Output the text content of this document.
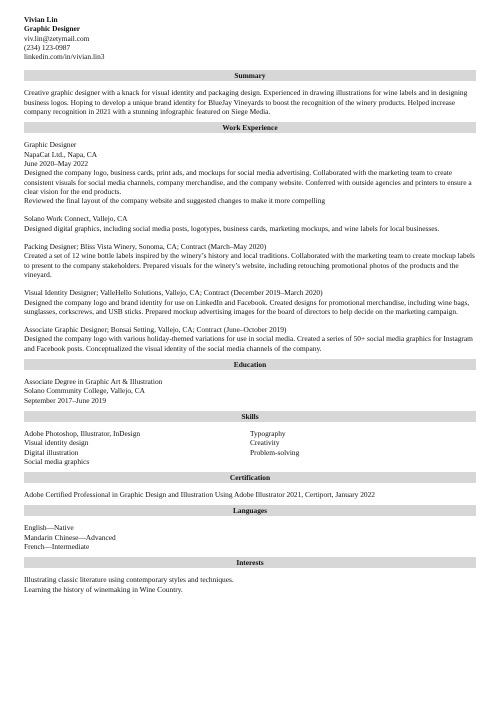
Vivian Lin
Graphic Designer
viv.lin@zetymail.com
(234) 123-0987
linkedin.com/in/vivian.lin3
Summary

Creative graphic designer with a knack for visual identity and packaging design. Experienced in drawing illustrations for wine labels and in designing business logos. Hoping to develop a unique brand identity for BlueJay Vineyards to boost the recognition of the winery products. Helped increase company recognition in 2021 with a stunning infographic featured on Siege Media.

Work Experience
Graphic Designer
NapaCat Ltd., Napa, CA
June 2020–May 2022

Designed the company logo, business cards, print ads, and mockups for social media advertising. Collaborated with the marketing team to create consistent visuals for social media channels, company merchandise, and the company website. Conferred with outside agencies and printers to ensure a clear vision for the end products.

Reviewed the final layout of the company website and suggested changes to make it more compelling

Solano Work Connect, Vallejo, CA

Designed digital graphics, including social media posts, logotypes, business cards, marketing mockups, and wine labels for local businesses.

Packing Designer; Bliss Vista Winery, Sonoma, CA; Contract (March–May 2020)

Created a set of 12 wine bottle labels inspired by the winery’s history and local traditions. Collaborated with the marketing team to create mockup labels to present to the company stakeholders. Prepared visuals for the winery’s website, including retouching promotional photos of the products and the vineyard.

Visual Identity Designer; ValleHello Solutions, Vallejo, CA; Contract (December 2019–March 2020)

Designed the company logo and brand identity for use on LinkedIn and Facebook. Created designs for promotional merchandise, including wine bags, sunglasses, corkscrews, and USB sticks. Prepared mockup advertising images for the board of directors to help decide on the marketing campaign.

Associate Graphic Designer; Bonsai Setting, Vallejo, CA; Contract (June–October 2019)

Designed the company logo with various holiday-themed variations for use in social media. Created a series of 50+ social media graphics for Instagram and Facebook posts. Conceptualized the visual identity of the social media channels of the company.

Education
Associate Degree in Graphic Art & Illustration
Solano Community College, Vallejo, CA
September 2017–June 2019
Skills
Adobe Photoshop, Illustrator, InDesign
Visual identity design
Digital illustration
Social media graphics
Typography
Creativity
Problem-solving
Certification
Adobe Certified Professional in Graphic Design and Illustration Using Adobe Illustrator 2021, Certiport, January 2022
Languages
English—Native
Mandarin Chinese—Advanced
French—Intermediate
Interests
Illustrating classic literature using contemporary styles and techniques.
Learning the history of winemaking in Wine Country.
